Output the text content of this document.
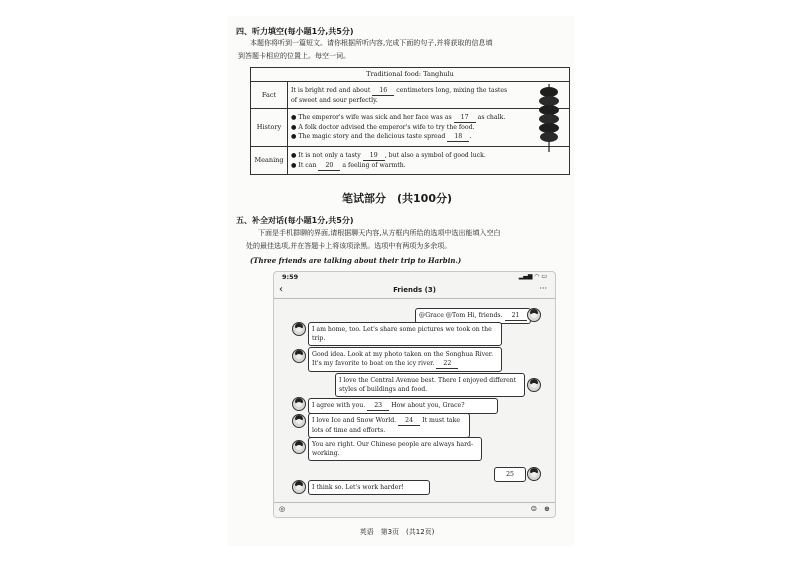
四、听力填空(每小题1分,共5分)
本题你将听到一篇短文。请你根据所听内容,完成下面的句子,并将获取的信息填
到答题卡相应的位置上。每空一词。
Traditional food: Tanghulu	
Fact	It is bright red and about 16 centimeters long, mixing the tastes
of sweet and sour perfectly.
History	● The emperor's wife was sick and her face was as 17 as chalk.
● A folk doctor advised the emperor's wife to try the food.
● The magic story and the delicious taste spread 18 .
Meaning	● It is not only a tasty 19 , but also a symbol of good luck.
● It can 20 a feeling of warmth.
笔试部分　(共100分)
五、补全对话(每小题1分,共5分)
下面是手机群聊的界面,请根据聊天内容,从方框内所给的选项中选出能填入空白
处的最佳选项,并在答题卡上将该项涂黑。选项中有两项为多余项。
(Three friends are talking about their trip to Harbin.)
9:59	▂▄▆ ◠ ▭
‹	Friends (3)	···
@Grace @Tom Hi, friends. 21
I am home, too. Let's share some pictures we took on the trip.
Good idea. Look at my photo taken on the Songhua River. It's my favorite to boat on the icy river. 22
I love the Central Avenue best. There I enjoyed different styles of buildings and food.
I agree with you. 23 How about you, Grace?
I love Ice and Snow World. 24 It must take lots of time and efforts.
You are right. Our Chinese people are always hard-working.
25
I think so. Let's work harder!
◎	☺ ⊕
英语　第3页　(共12页)
